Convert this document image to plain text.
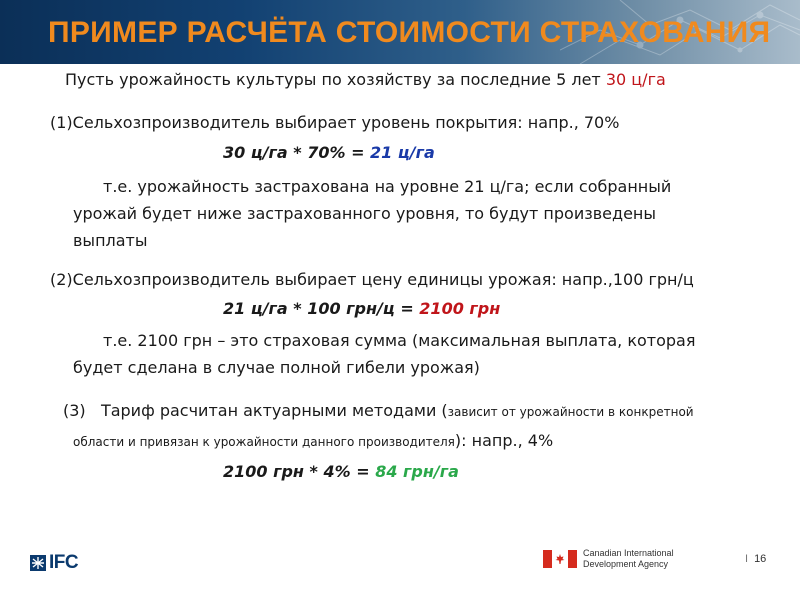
ПРИМЕР РАСЧЁТА СТОИМОСТИ СТРАХОВАНИЯ
Пусть урожайность культуры по хозяйству за последние 5 лет 30 ц/га
(1)Сельхозпроизводитель выбирает уровень покрытия: напр., 70%
30 ц/га * 70% = 21 ц/га
т.е. урожайность застрахована на уровне 21 ц/га; если собранный
урожай будет ниже застрахованного уровня, то будут произведены
выплаты
(2)Сельхозпроизводитель выбирает цену единицы урожая: напр.,100 грн/ц
21 ц/га * 100 грн/ц = 2100 грн
т.е. 2100 грн – это страховая сумма (максимальная выплата, которая
будет сделана в случае полной гибели урожая)
(3) Тариф расчитан актуарными методами (зависит от урожайности в конкретной
области и привязан к урожайности данного производителя): напр., 4%
2100 грн * 4% = 84 грн/га
IFC	Canadian International
Development Agency	I 16
